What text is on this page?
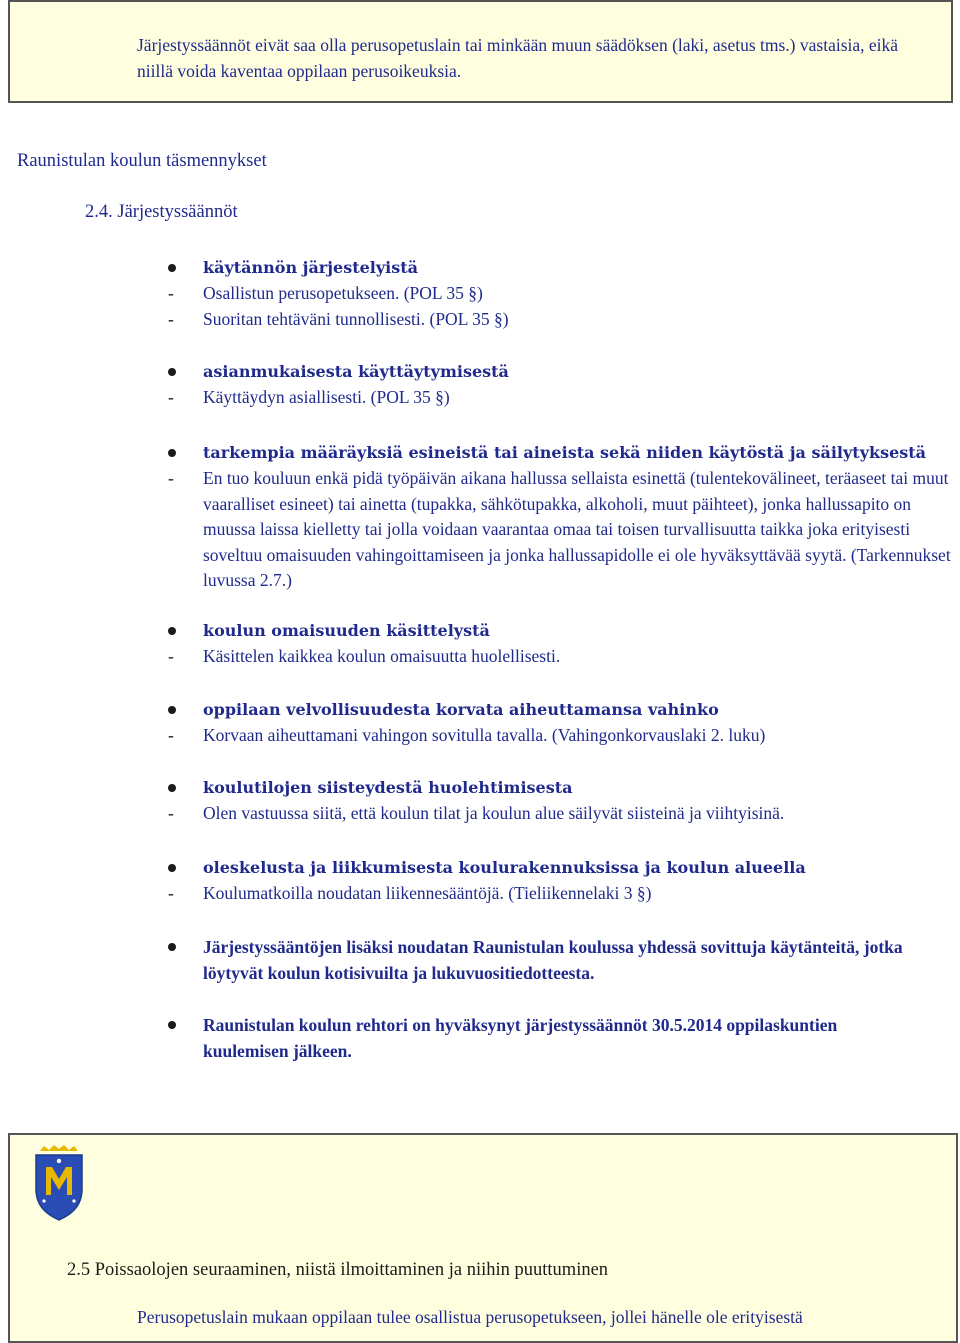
Järjestyssäännöt eivät saa olla perusopetuslain tai minkään muun säädöksen (laki, asetus tms.) vastaisia, eikä niillä voida kaventaa oppilaan perusoikeuksia.

Raunistulan koulun täsmennykset

2.4. Järjestyssäännöt

käytännön järjestelyistä
- Osallistun perusopetukseen. (POL 35 §)
- Suoritan tehtäväni tunnollisesti. (POL 35 §)
asianmukaisesta käyttäytymisestä
- Käyttäydyn asiallisesti. (POL 35 §)
tarkempia määräyksiä esineistä tai aineista sekä niiden käytöstä ja säilytyksestä
- En tuo kouluun enkä pidä työpäivän aikana hallussa sellaista esinettä (tulentekovälineet, teräaseet tai muut vaaralliset esineet) tai ainetta (tupakka, sähkötupakka, alkoholi, muut päihteet), jonka hallussapito on muussa laissa kielletty tai jolla voidaan vaarantaa omaa tai toisen turvallisuutta taikka joka erityisesti soveltuu omaisuuden vahingoittamiseen ja jonka hallussapidolle ei ole hyväksyttävää syytä. (Tarkennukset luvussa 2.7.)
koulun omaisuuden käsittelystä
- Käsittelen kaikkea koulun omaisuutta huolellisesti.
oppilaan velvollisuudesta korvata aiheuttamansa vahinko
- Korvaan aiheuttamani vahingon sovitulla tavalla. (Vahingonkorvauslaki 2. luku)
koulutilojen siisteydestä huolehtimisesta
- Olen vastuussa siitä, että koulun tilat ja koulun alue säilyvät siisteinä ja viihtyisinä.
oleskelusta ja liikkumisesta koulurakennuksissa ja koulun alueella
- Koulumatkoilla noudatan liikennesääntöjä. (Tieliikennelaki 3 §)
Järjestyssääntöjen lisäksi noudatan Raunistulan koulussa yhdessä sovittuja käytänteitä, jotka löytyvät koulun kotisivuilta ja lukuvuositiedotteesta.
Raunistulan koulun rehtori on hyväksynyt järjestyssäännöt 30.5.2014 oppilaskuntien kuulemisen jälkeen.

2.5 Poissaolojen seuraaminen, niistä ilmoittaminen ja niihin puuttuminen

Perusopetuslain mukaan oppilaan tulee osallistua perusopetukseen, jollei hänelle ole erityisestä
